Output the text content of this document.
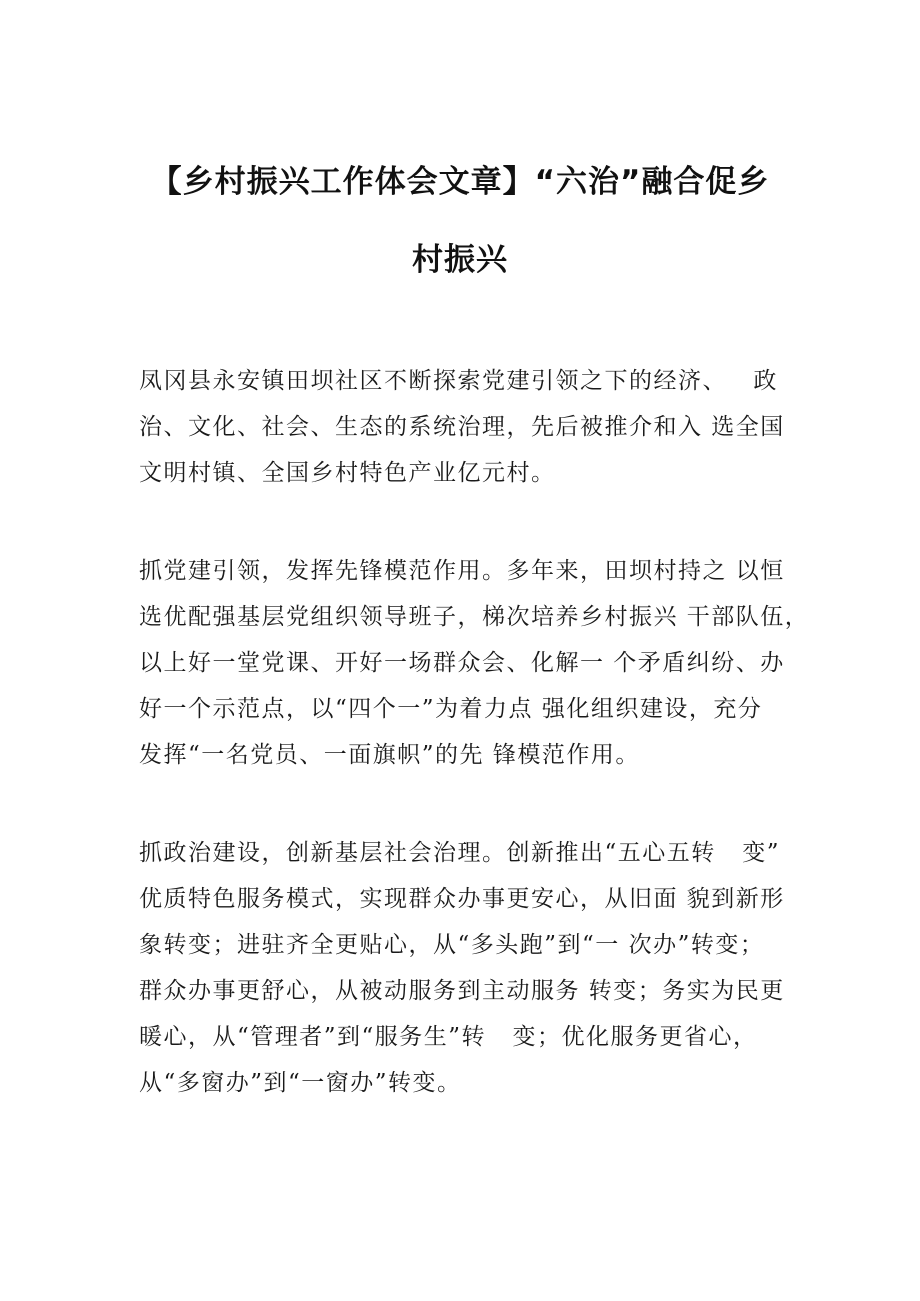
【乡村振兴工作体会文章】“六治”融合促乡
村振兴
凤冈县永安镇田坝社区不断探索党建引领之下的经济、   政
治、文化、社会、生态的系统治理，先后被推介和入 选全国
文明村镇、全国乡村特色产业亿元村。
抓党建引领，发挥先锋模范作用。多年来，田坝村持之 以恒
选优配强基层党组织领导班子，梯次培养乡村振兴 干部队伍，
以上好一堂党课、开好一场群众会、化解一 个矛盾纠纷、办
好一个示范点，以“四个一”为着力点 强化组织建设，充分
发挥“一名党员、一面旗帜”的先 锋模范作用。
抓政治建设，创新基层社会治理。创新推出“五心五转   变”
优质特色服务模式，实现群众办事更安心，从旧面 貌到新形
象转变；进驻齐全更贴心，从“多头跑”到“一 次办”转变；
群众办事更舒心，从被动服务到主动服务 转变；务实为民更
暖心，从“管理者”到“服务生”转   变；优化服务更省心，
从“多窗办”到“一窗办”转变。
